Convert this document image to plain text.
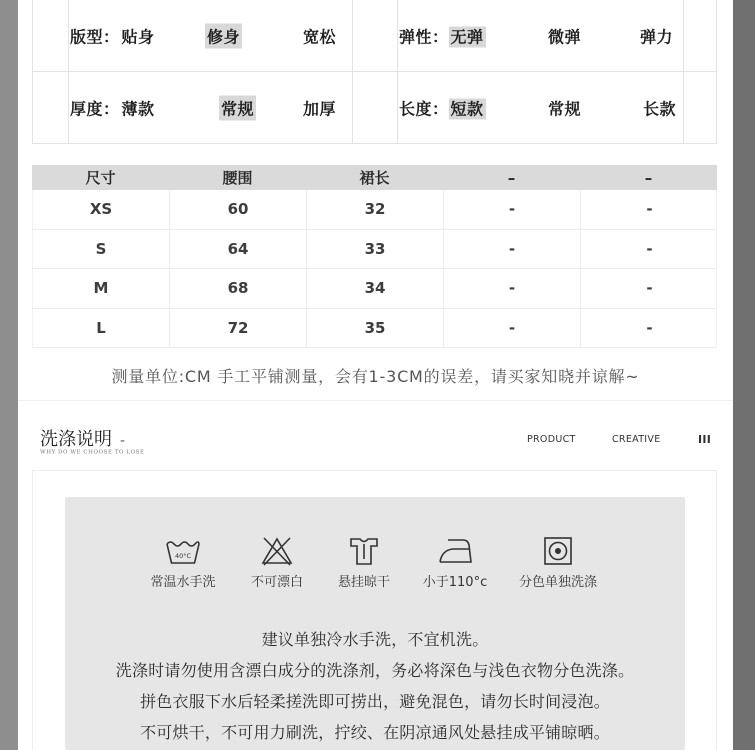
版型： 贴身	修身	宽松	弹性： 无弹	微弹	弹力
厚度： 薄款	常规	加厚	长度： 短款	常规	长款
尺寸	腰围	裙长	–	–
XS	60	32	-	-
S	64	33	-	-
M	68	34	-	-
L	72	35	-	-
测量单位:CM 手工平铺测量，会有1-3CM的误差，请买家知晓并谅解~
洗涤说明 -
WHY DO WE CHOOSE TO LOSE
PRODUCT	CREATIVE	III
40°C
常温水手洗	不可漂白	悬挂晾干	小于110°c	分色单独洗涤
建议单独冷水手洗，不宜机洗。
洗涤时请勿使用含漂白成分的洗涤剂，务必将深色与浅色衣物分色洗涤。
拼色衣服下水后轻柔搓洗即可捞出，避免混色，请勿长时间浸泡。
不可烘干，不可用力刷洗，拧绞、在阴凉通风处悬挂成平铺晾晒。
